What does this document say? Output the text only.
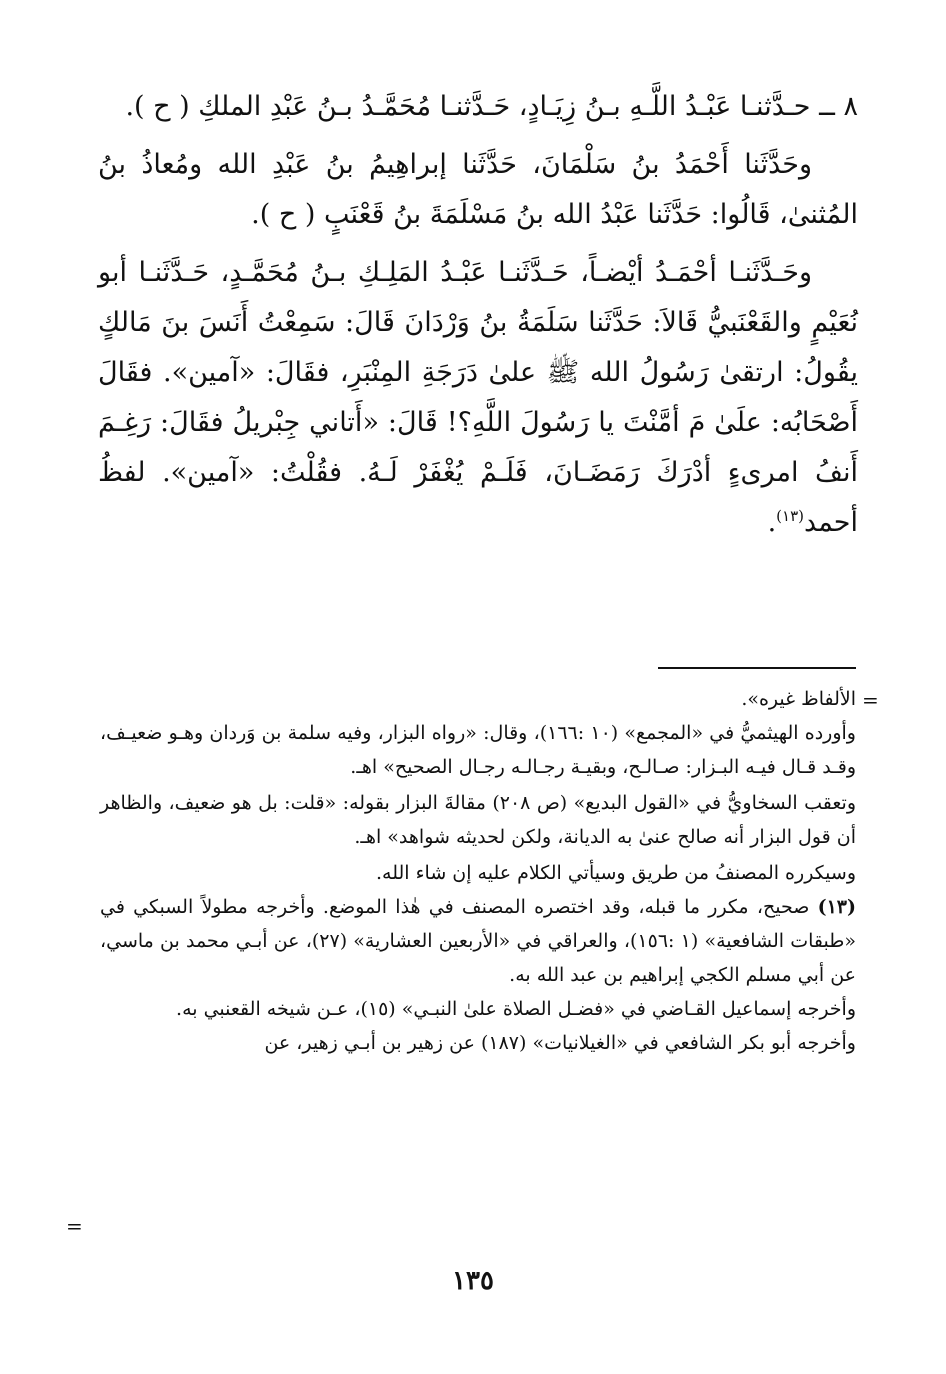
٨ ــ حـدَّثنـا عَبْـدُ اللَّـهِ بـنُ زِيَـادٍ، حَـدَّثنـا مُحَمَّـدُ بـنُ عَبْدِ الملكِ ( ح ).

وحَدَّثَنا أَحْمَدُ بنُ سَلْمَانَ، حَدَّثَنا إبراهِيمُ بنُ عَبْدِ الله ومُعاذُ بنُ المُثنىٰ، قَالُوا: حَدَّثَنا عَبْدُ الله بنُ مَسْلَمَةَ بنُ قَعْنَبٍ ( ح ).

وحَـدَّثَنـا أحْمَـدُ أيْضـاً، حَـدَّثَنـا عَبْـدُ المَلِـكِ بـنُ مُحَمَّـدٍ، حَـدَّثَنـا أبو نُعَيْمٍ والقَعْنَبيُّ قَالاَ: حَدَّثَنا سَلَمَةُ بنُ وَرْدَانَ قَالَ: سَمِعْتُ أَنَسَ بنَ مَالكٍ يقُولُ: ارتقىٰ رَسُولُ الله ﷺ علىٰ دَرَجَةِ المِنْبَرِ، فقَالَ: «آمين». فقَالَ أَصْحَابُه: علَىٰ مَ أمَّنْتَ يا رَسُولَ اللَّهِ؟! قَالَ: «أَتاني جِبْريلُ فقَالَ: رَغِـمَ أَنفُ امرىءٍ أدْرَكَ رَمَضَـانَ، فَلَـمْ يُغْفَرْ لَـهُ. فقُلْتُ: «آمين». لفظُ أحمد$^{(١٣)}$.

=

الألفاظ غيره».

وأورده الهيثميُّ في «المجمع» (١٠ :١٦٦)، وقال: «رواه البزار، وفيه سلمة بن وَردان وهـو ضعيـف، وقـد قـال فيـه البـزار: صـالـح، وبقيـة رجـالـه رجـال الصحيح» اهـ.

وتعقب السخاويُّ في «القول البديع» (ص ٢٠٨) مقالةَ البزار بقوله: «قلت: بل هو ضعيف، والظاهر أن قول البزار أنه صالح عنىٰ به الديانة، ولكن لحديثه شواهد» اهـ.

وسيكرره المصنفُ من طريق وسيأتي الكلام عليه إن شاء الله.

(١٣) صحيح، مكرر ما قبله، وقد اختصره المصنف في هٰذا الموضع. وأخرجه مطولاً السبكي في «طبقات الشافعية» (١ :١٥٦)، والعراقي في «الأربعين العشارية» (٢٧)، عن أبـي محمد بن ماسي، عن أبي مسلم الكجي إبراهيم بن عبد الله به.

وأخرجه إسماعيل القـاضي في «فضـل الصلاة علىٰ النبـي» (١٥)، عـن شيخه القعنبي به.

وأخرجه أبو بكر الشافعي في «الغيلانيات» (١٨٧) عن زهير بن أبـي زهير، عن

=
١٣٥
